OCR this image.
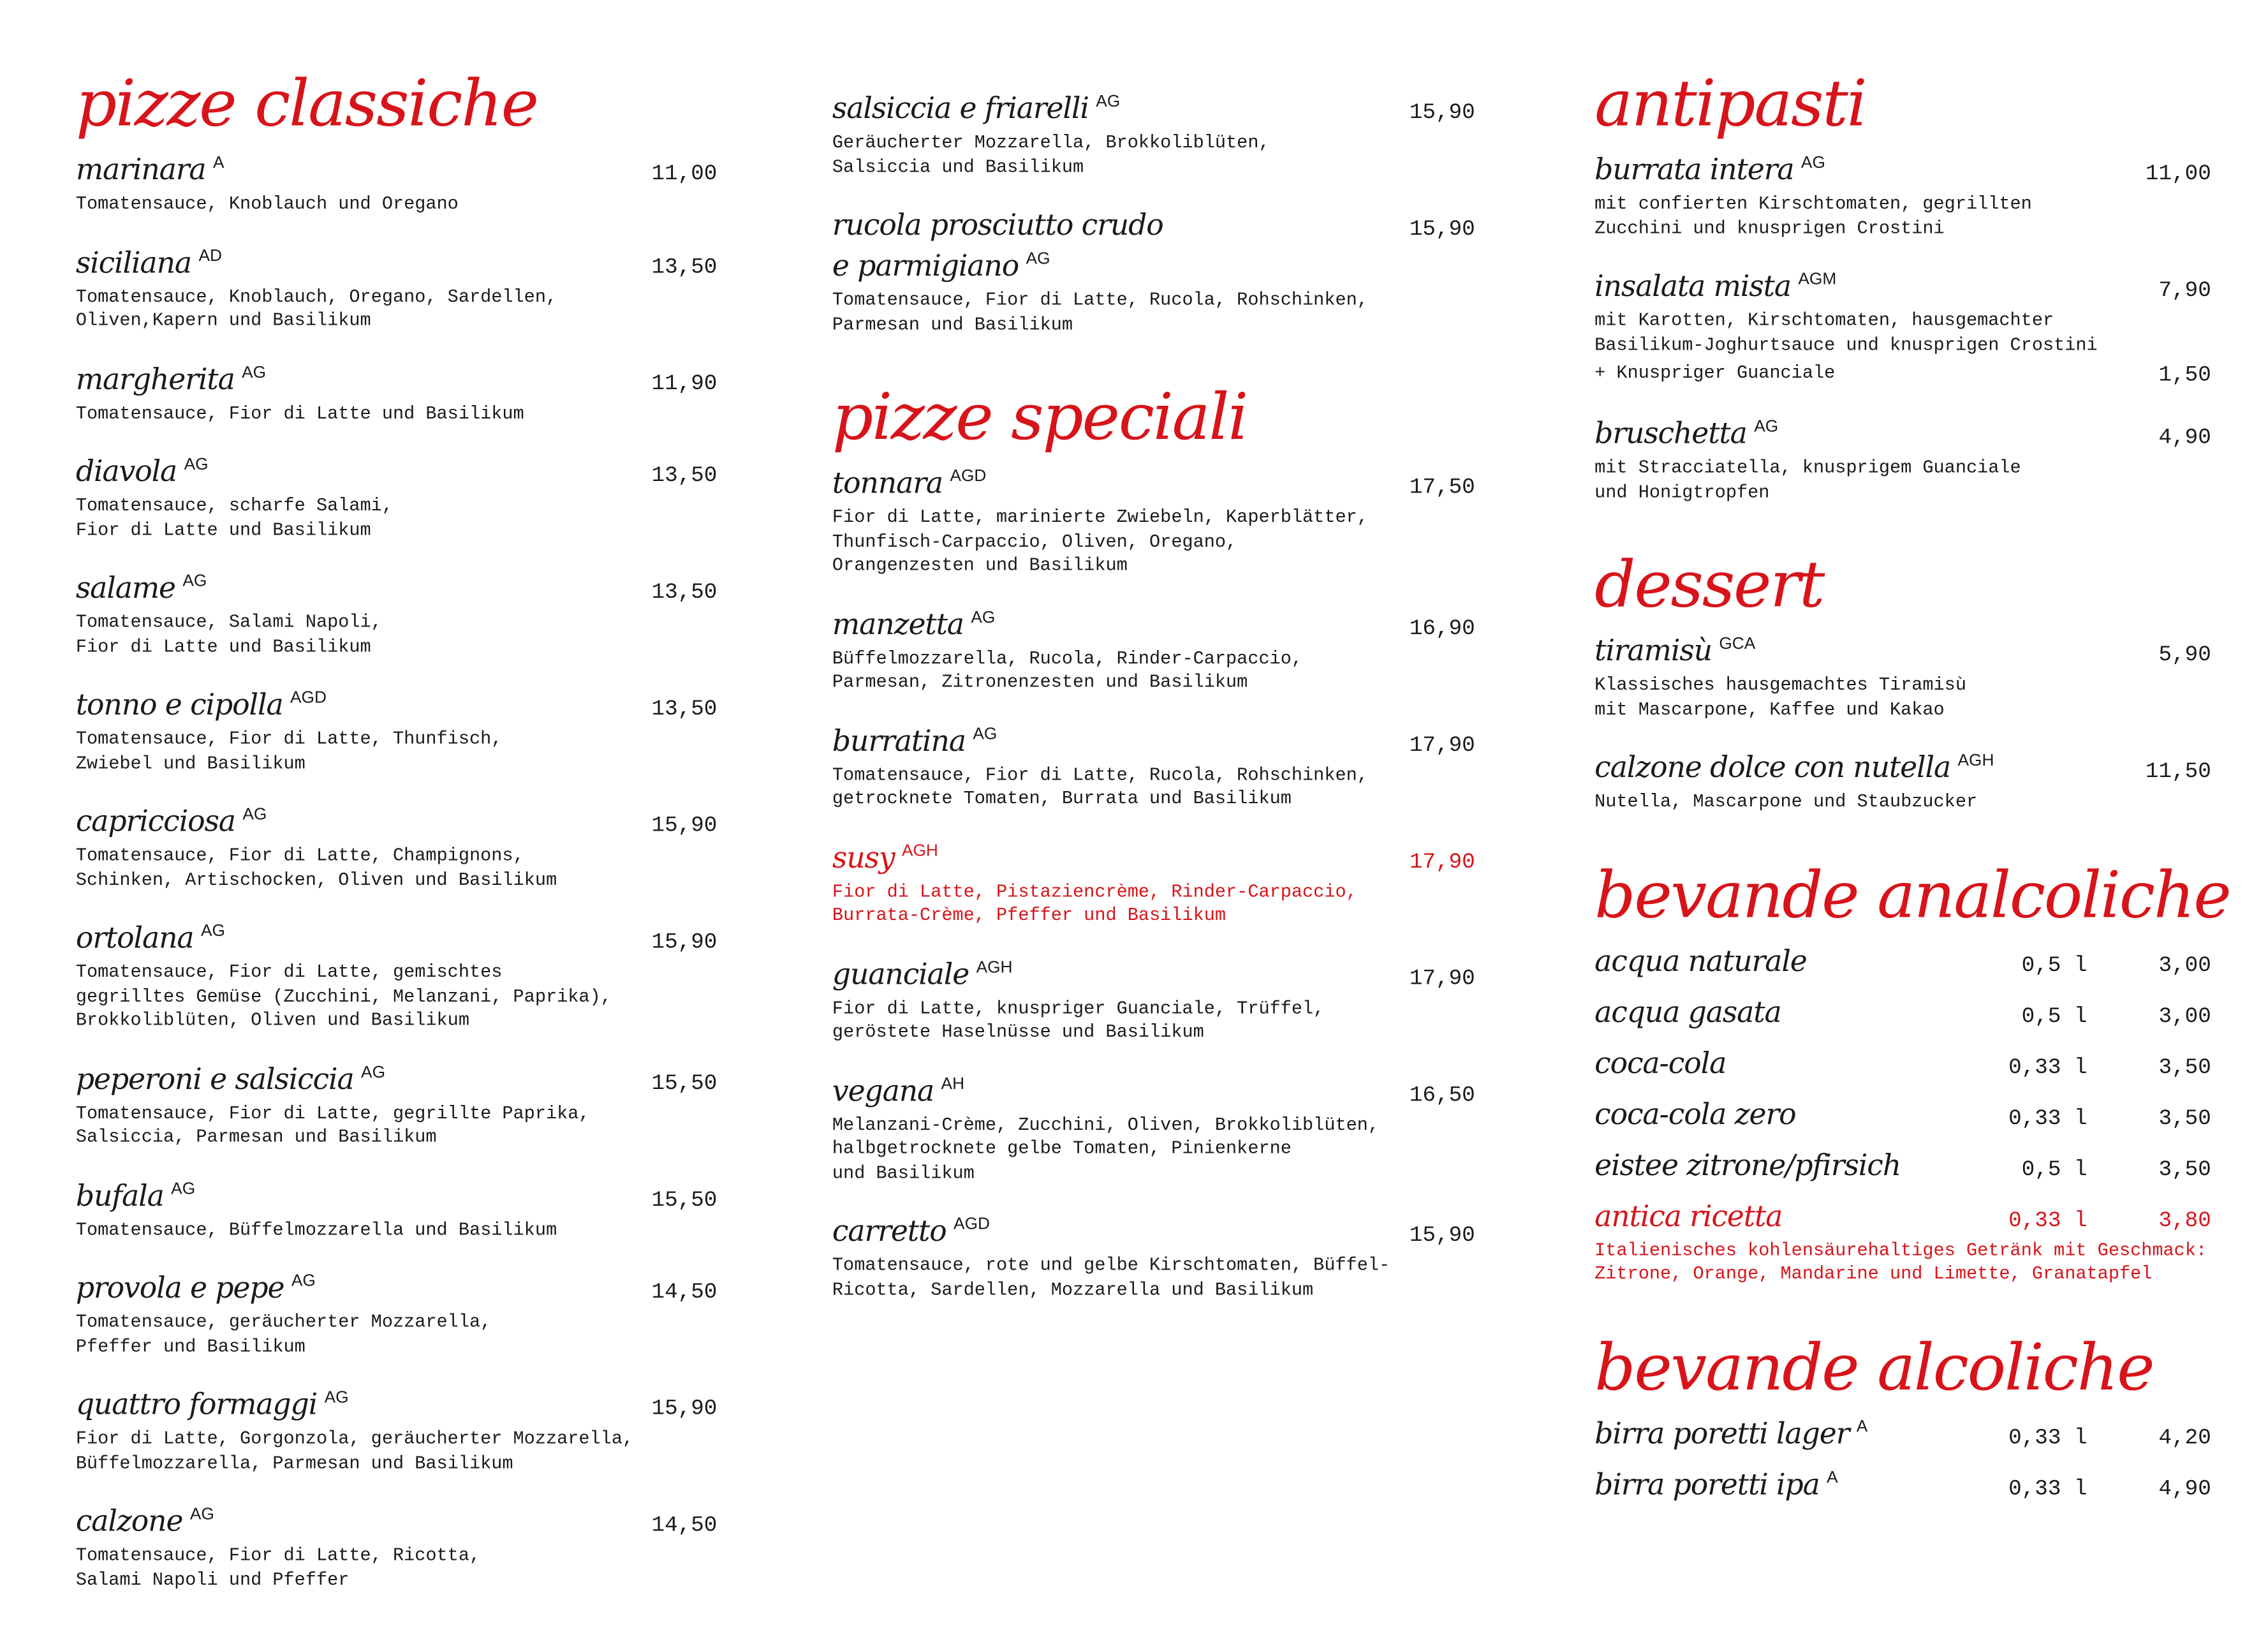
pizze classiche
marinara A	11,00
Tomatensauce, Knoblauch und Oregano
siciliana AD	13,50
Tomatensauce, Knoblauch, Oregano, Sardellen,
Oliven,Kapern und Basilikum
margherita AG	11,90
Tomatensauce, Fior di Latte und Basilikum
diavola AG	13,50
Tomatensauce, scharfe Salami,
Fior di Latte und Basilikum
salame AG	13,50
Tomatensauce, Salami Napoli,
Fior di Latte und Basilikum
tonno e cipolla AGD	13,50
Tomatensauce, Fior di Latte, Thunfisch,
Zwiebel und Basilikum
capricciosa AG	15,90
Tomatensauce, Fior di Latte, Champignons,
Schinken, Artischocken, Oliven und Basilikum
ortolana AG	15,90
Tomatensauce, Fior di Latte, gemischtes
gegrilltes Gemüse (Zucchini, Melanzani, Paprika),
Brokkoliblüten, Oliven und Basilikum
peperoni e salsiccia AG	15,50
Tomatensauce, Fior di Latte, gegrillte Paprika,
Salsiccia, Parmesan und Basilikum
bufala AG	15,50
Tomatensauce, Büffelmozzarella und Basilikum
provola e pepe AG	14,50
Tomatensauce, geräucherter Mozzarella,
Pfeffer und Basilikum
quattro formaggi AG	15,90
Fior di Latte, Gorgonzola, geräucherter Mozzarella,
Büffelmozzarella, Parmesan und Basilikum
calzone AG	14,50
Tomatensauce, Fior di Latte, Ricotta,
Salami Napoli und Pfeffer
salsiccia e friarelli AG	15,90
Geräucherter Mozzarella, Brokkoliblüten,
Salsiccia und Basilikum
rucola prosciutto crudo	15,90
e parmigiano AG
Tomatensauce, Fior di Latte, Rucola, Rohschinken,
Parmesan und Basilikum
pizze speciali
tonnara AGD	17,50
Fior di Latte, marinierte Zwiebeln, Kaperblätter,
Thunfisch-Carpaccio, Oliven, Oregano,
Orangenzesten und Basilikum
manzetta AG	16,90
Büffelmozzarella, Rucola, Rinder-Carpaccio,
Parmesan, Zitronenzesten und Basilikum
burratina AG	17,90
Tomatensauce, Fior di Latte, Rucola, Rohschinken,
getrocknete Tomaten, Burrata und Basilikum
susy AGH	17,90
Fior di Latte, Pistaziencrème, Rinder-Carpaccio,
Burrata-Crème, Pfeffer und Basilikum
guanciale AGH	17,90
Fior di Latte, knuspriger Guanciale, Trüffel,
geröstete Haselnüsse und Basilikum
vegana AH	16,50
Melanzani-Crème, Zucchini, Oliven, Brokkoliblüten,
halbgetrocknete gelbe Tomaten, Pinienkerne
und Basilikum
carretto AGD	15,90
Tomatensauce, rote und gelbe Kirschtomaten, Büffel-
Ricotta, Sardellen, Mozzarella und Basilikum
antipasti
burrata intera AG	11,00
mit confierten Kirschtomaten, gegrillten
Zucchini und knusprigen Crostini
insalata mista AGM	7,90
mit Karotten, Kirschtomaten, hausgemachter
Basilikum-Joghurtsauce und knusprigen Crostini
+ Knuspriger Guanciale	1,50
bruschetta AG	4,90
mit Stracciatella, knusprigem Guanciale
und Honigtropfen
dessert
tiramisù GCA	5,90
Klassisches hausgemachtes Tiramisù
mit Mascarpone, Kaffee und Kakao
calzone dolce con nutella AGH	11,50
Nutella, Mascarpone und Staubzucker
bevande analcoliche
acqua naturale	0,5 l	3,00
acqua gasata	0,5 l	3,00
coca-cola	0,33 l	3,50
coca-cola zero	0,33 l	3,50
eistee zitrone/pfirsich	0,5 l	3,50
antica ricetta	0,33 l	3,80
Italienisches kohlensäurehaltiges Getränk mit Geschmack:
Zitrone, Orange, Mandarine und Limette, Granatapfel
bevande alcoliche
birra poretti lager A	0,33 l	4,20
birra poretti ipa A	0,33 l	4,90
